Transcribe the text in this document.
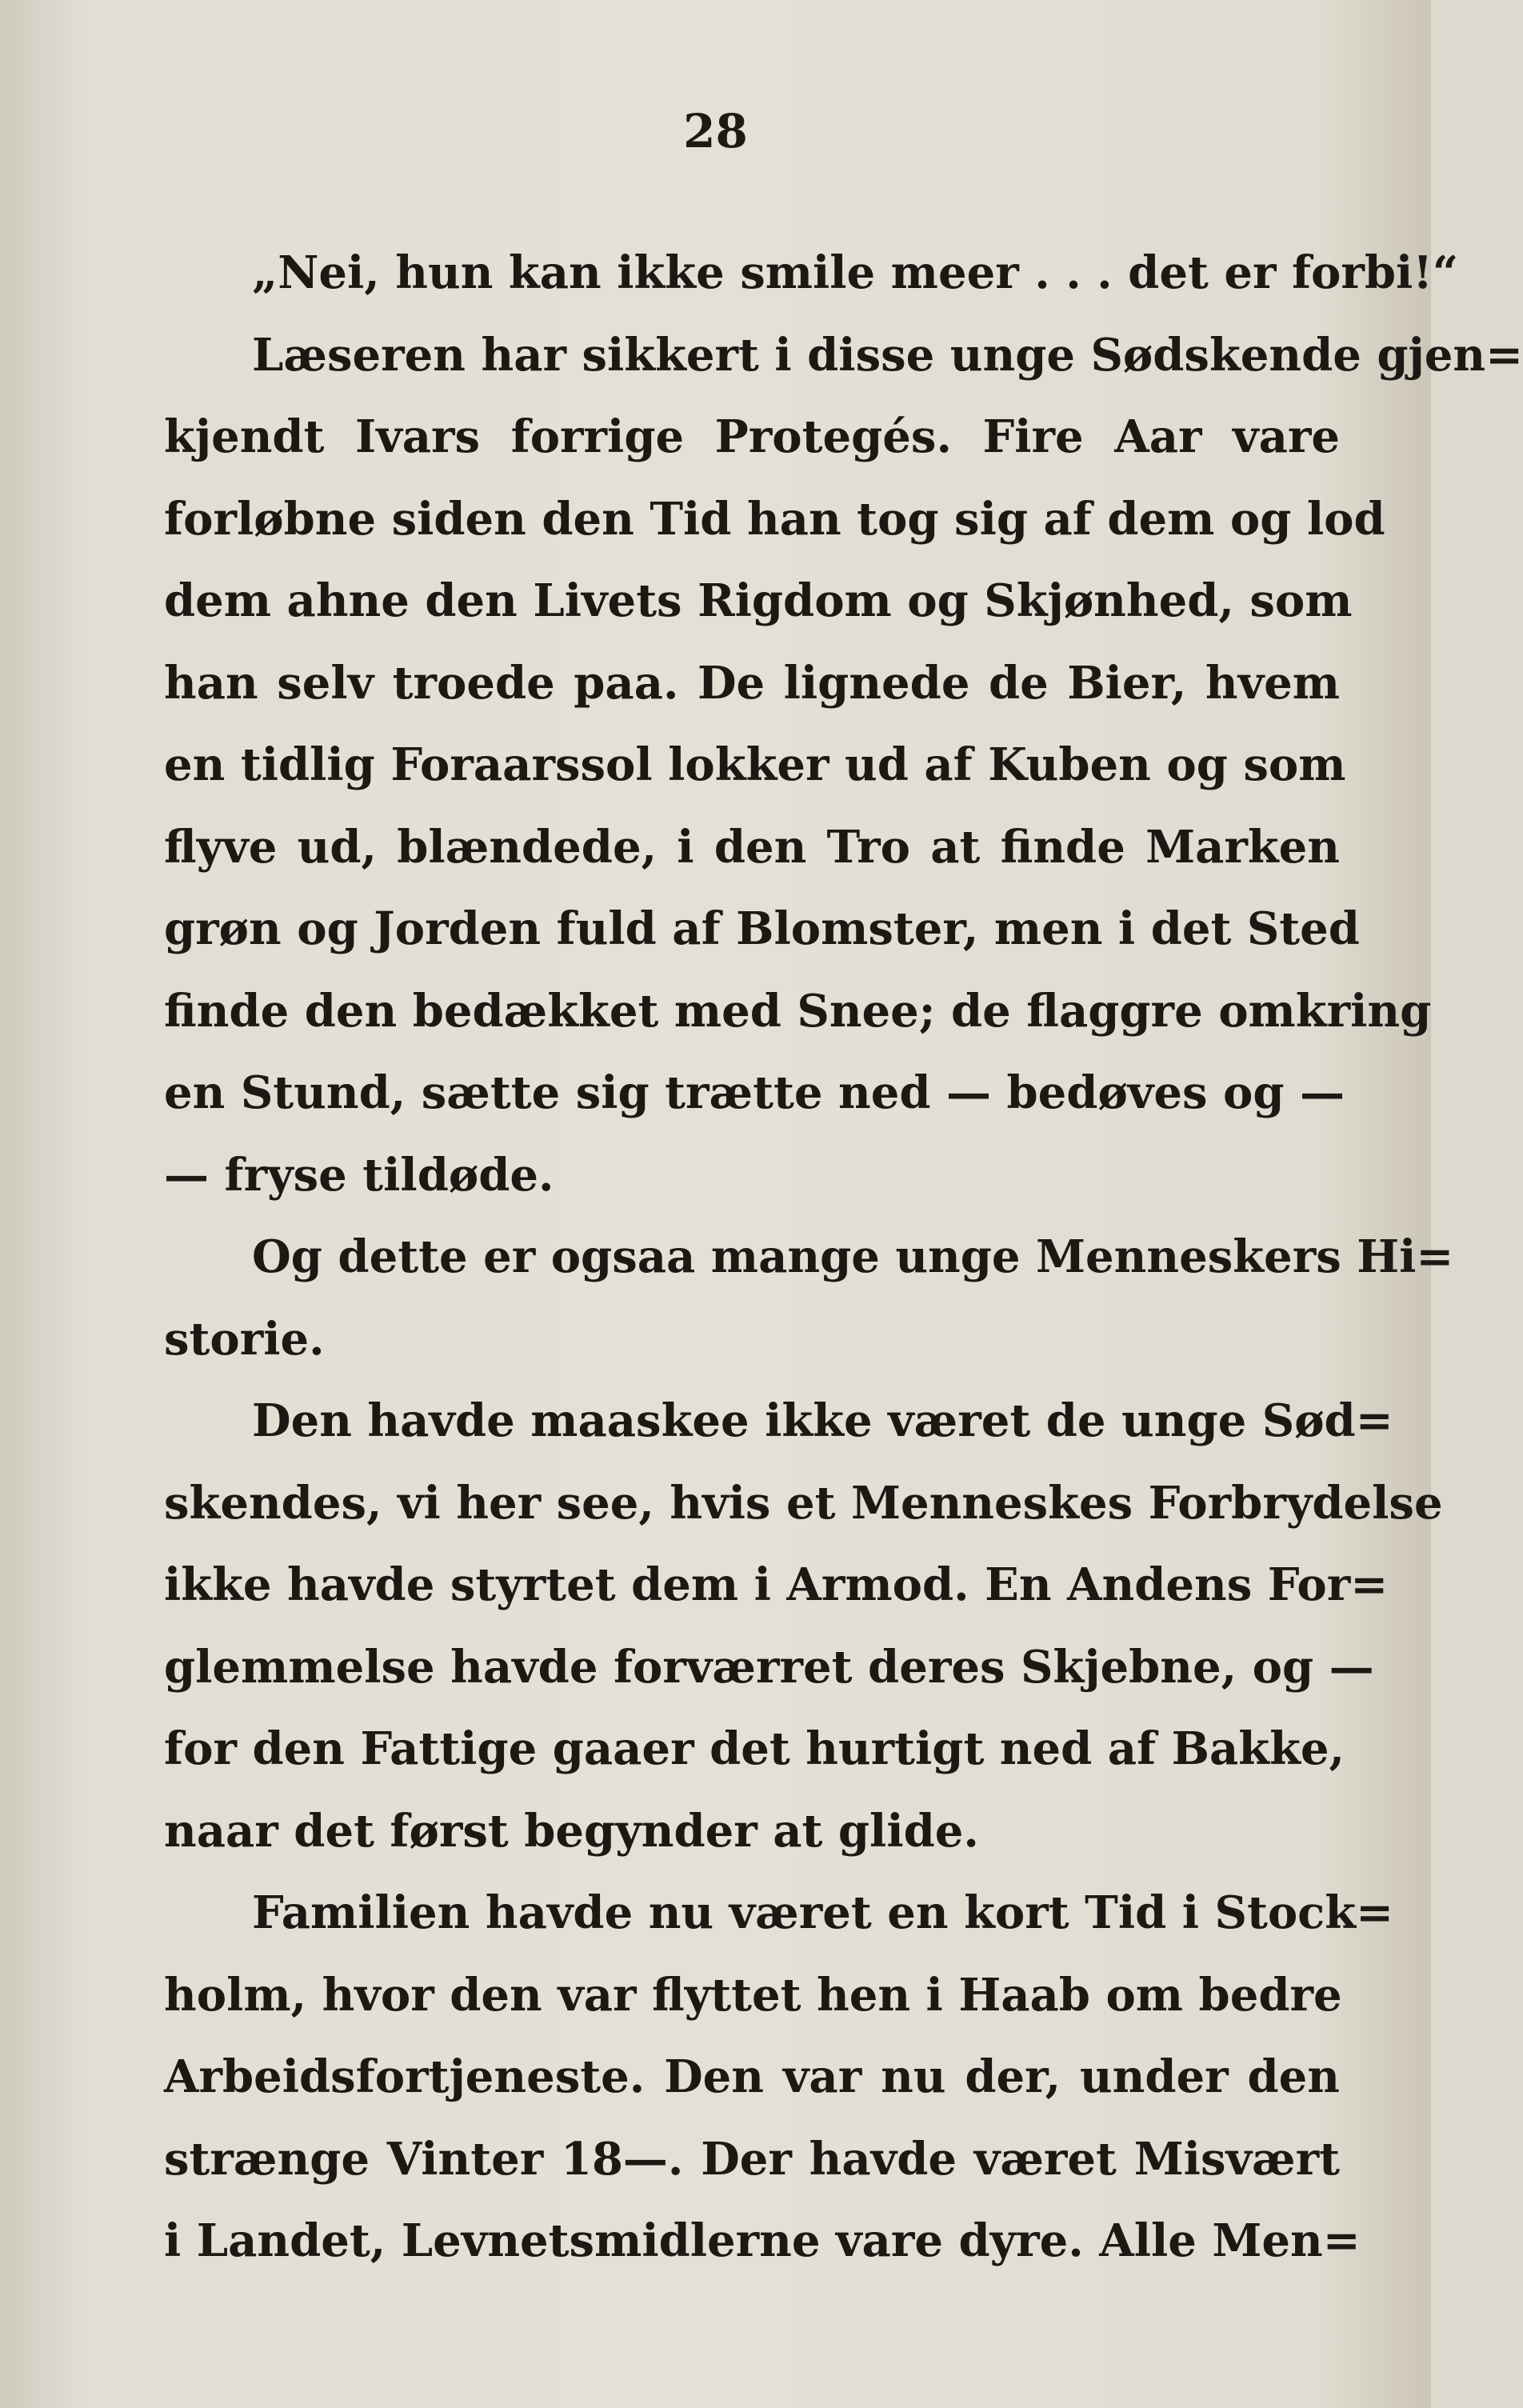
28
„Nei, hun kan ikke smile meer . . . det er forbi!“
Læseren har sikkert i disse unge Sødskende gjen=
kjendt Ivars forrige Protegés. Fire Aar vare
forløbne siden den Tid han tog sig af dem og lod
dem ahne den Livets Rigdom og Skjønhed, som
han selv troede paa. De lignede de Bier, hvem
en tidlig Foraarssol lokker ud af Kuben og som
flyve ud, blændede, i den Tro at finde Marken
grøn og Jorden fuld af Blomster, men i det Sted
finde den bedækket med Snee; de flaggre omkring
en Stund, sætte sig trætte ned — bedøves og —
— fryse tildøde.
Og dette er ogsaa mange unge Menneskers Hi=
storie.
Den havde maaskee ikke været de unge Sød=
skendes, vi her see, hvis et Menneskes Forbrydelse
ikke havde styrtet dem i Armod. En Andens For=
glemmelse havde forværret deres Skjebne, og —
for den Fattige gaaer det hurtigt ned af Bakke,
naar det først begynder at glide.
Familien havde nu været en kort Tid i Stock=
holm, hvor den var flyttet hen i Haab om bedre
Arbeidsfortjeneste. Den var nu der, under den
strænge Vinter 18—. Der havde været Misvært
i Landet, Levnetsmidlerne vare dyre. Alle Men=
